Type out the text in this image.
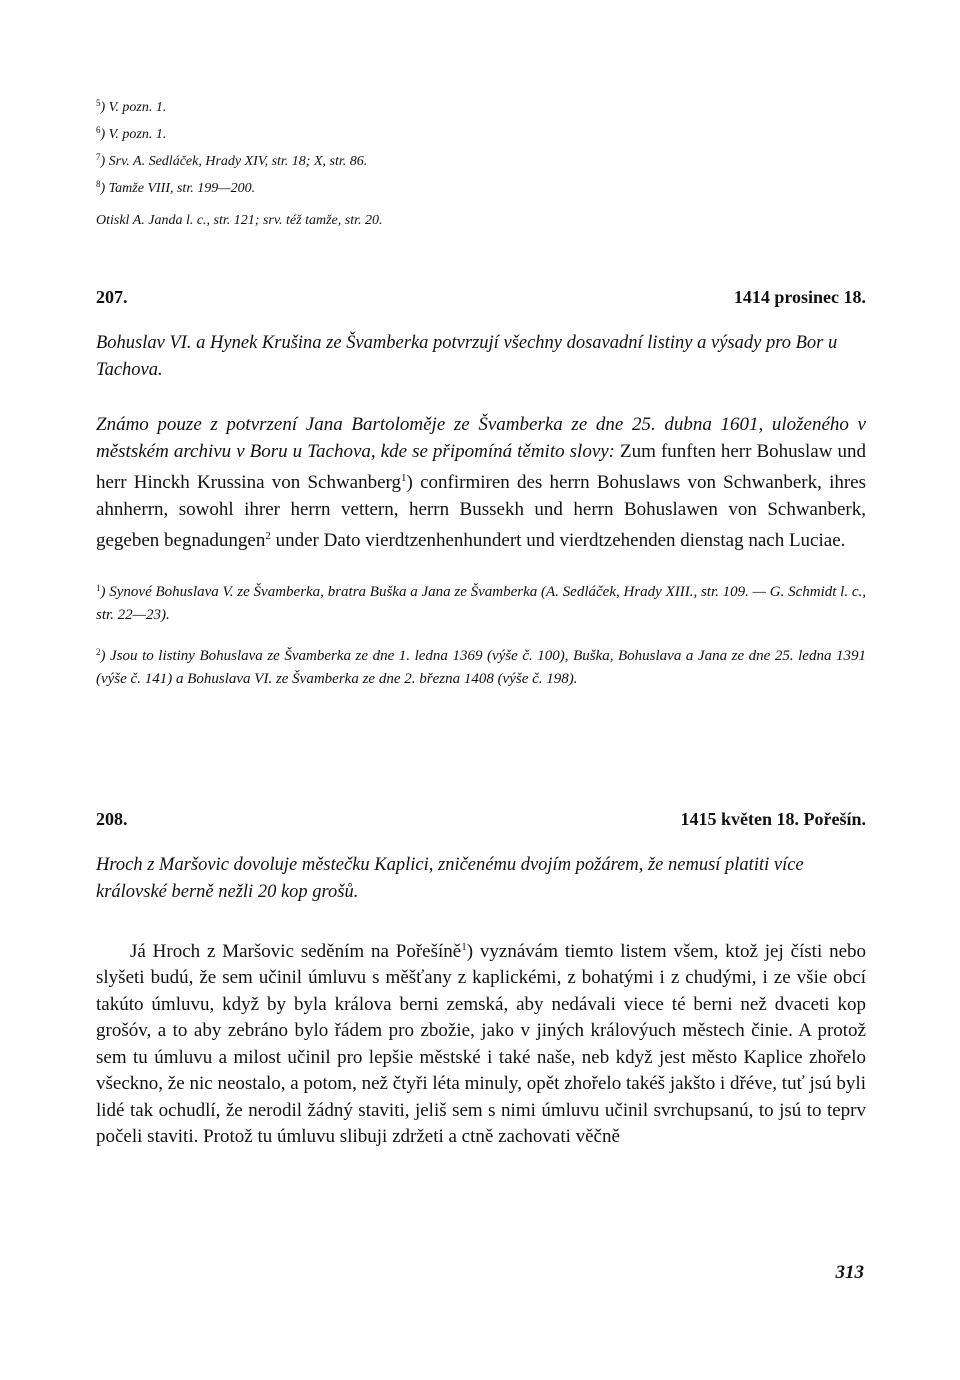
$^5$) V. pozn. 1.

$^6$) V. pozn. 1.

$^7$) Srv. A. Sedláček, Hrady XIV, str. 18; X, str. 86.

$^8$) Tamže VIII, str. 199—200.

Otiskl A. Janda l. c., str. 121; srv. též tamže, str. 20.

207.	1414 prosinec 18.

Bohuslav VI. a Hynek Krušina ze Švamberka potvrzují všechny dosavadní listiny a výsady pro Bor u Tachova.

Známo pouze z potvrzení Jana Bartoloměje ze Švamberka ze dne 25. dubna 1601, uloženého v městském archivu v Boru u Tachova, kde se připomíná těmito slovy: Zum funften herr Bohuslaw und herr Hinckh Krussina von Schwanberg$^1$) confirmiren des herrn Bohuslaws von Schwanberk, ihres ahnherrn, sowohl ihrer herrn vettern, herrn Bussekh und herrn Bohuslawen von Schwanberk, gegeben begnadungen$^2$ under Dato vierdtzenhenhundert und vierdtzehenden dienstag nach Luciae.

$^1$) Synové Bohuslava V. ze Švamberka, bratra Buška a Jana ze Švamberka (A. Sedláček, Hrady XIII., str. 109. — G. Schmidt l. c., str. 22—23).

$^2$) Jsou to listiny Bohuslava ze Švamberka ze dne 1. ledna 1369 (výše č. 100), Buška, Bohuslava a Jana ze dne 25. ledna 1391 (výše č. 141) a Bohuslava VI. ze Švamberka ze dne 2. března 1408 (výše č. 198).

208.	1415 květen 18. Pořešín.

Hroch z Maršovic dovoluje městečku Kaplici, zničenému dvojím požárem, že nemusí platiti více královské berně nežli 20 kop grošů.

Já Hroch z Maršovic seděním na Pořešíně$^1$) vyznávám tiemto listem všem, ktož jej čísti nebo slyšeti budú, že sem učinil úmluvu s měšťany z kaplickémi, z bohatými i z chudými, i ze všie obcí takúto úmluvu, když by byla králova berni zemská, aby nedávali viece té berni než dvaceti kop grošóv, a to aby zebráno bylo řádem pro zbožie, jako v jiných královýuch městech činie. A protož sem tu úmluvu a milost učinil pro lepšie městské i také naše, neb když jest město Kaplice zhořelo všeckno, že nic neostalo, a potom, než čtyři léta minuly, opět zhořelo takéš jakšto i dřéve, tuť jsú byli lidé tak ochudlí, že nerodil žádný staviti, jeliš sem s nimi úmluvu učinil svrchupsanú, to jsú to teprv počeli staviti. Protož tu úmluvu slibuji zdržeti a ctně zachovati věčně

313
